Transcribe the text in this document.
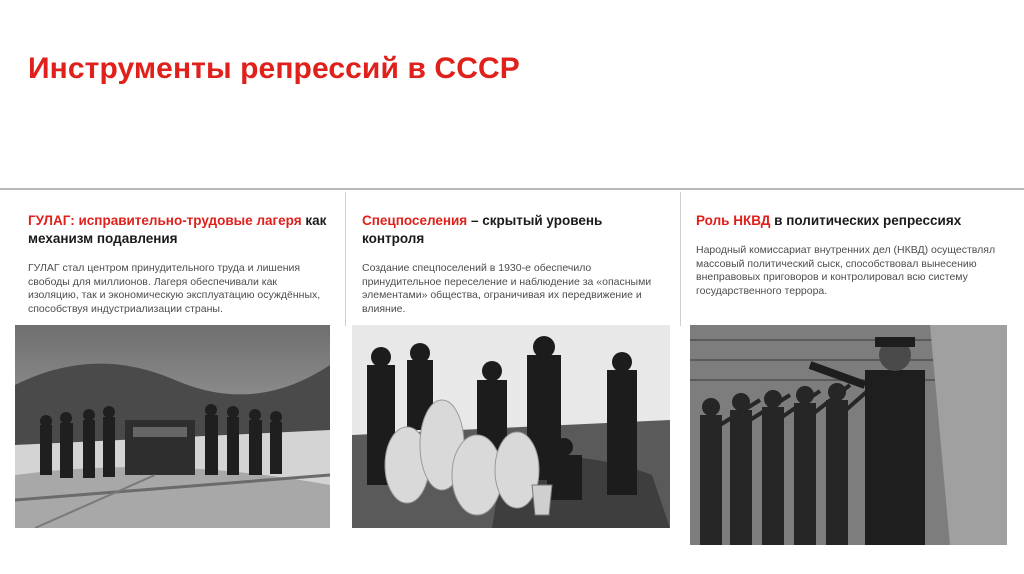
Инструменты репрессий в СССР
ГУЛАГ: исправительно-трудовые лагеря как механизм подавления
ГУЛАГ стал центром принудительного труда и лишения свободы для миллионов. Лагеря обеспечивали как изоляцию, так и экономическую эксплуатацию осуждённых, способствуя индустриализации страны.
Спецпоселения – скрытый уровень контроля
Создание спецпоселений в 1930-е обеспечило принудительное переселение и наблюдение за «опасными элементами» общества, ограничивая их передвижение и влияние.
Роль НКВД в политических репрессиях
Народный комиссариат внутренних дел (НКВД) осуществлял массовый политический сыск, способствовал вынесению внеправовых приговоров и контролировал всю систему государственного террора.
